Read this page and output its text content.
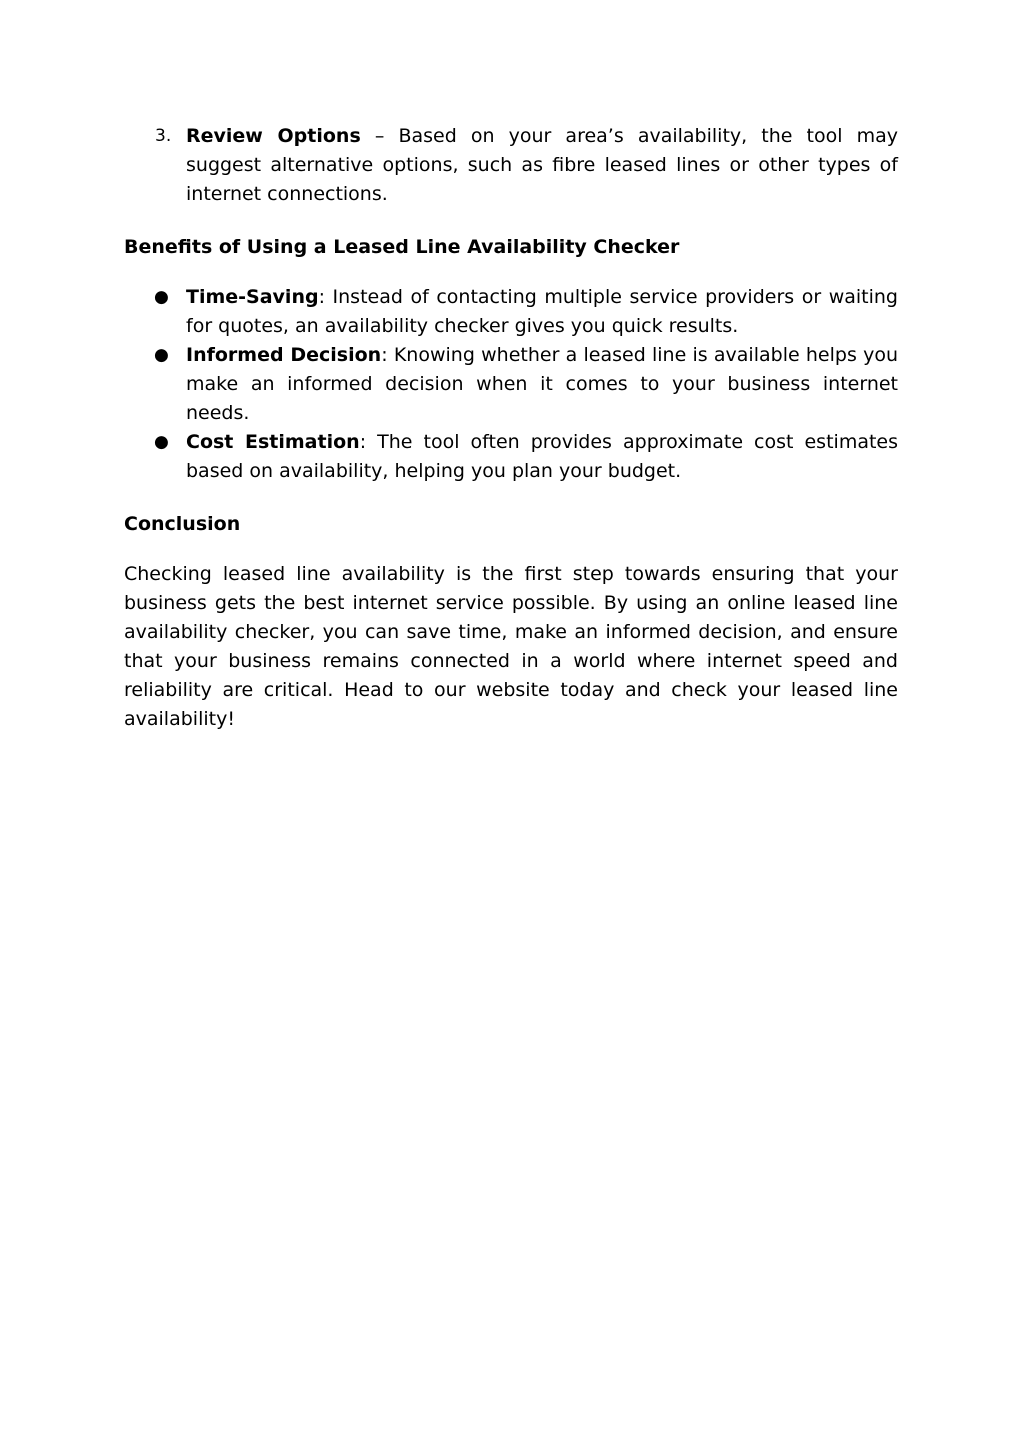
3. Review Options – Based on your area’s availability, the tool may suggest alternative options, such as fibre leased lines or other types of internet connections.
Benefits of Using a Leased Line Availability Checker
● Time-Saving: Instead of contacting multiple service providers or waiting for quotes, an availability checker gives you quick results.
● Informed Decision: Knowing whether a leased line is available helps you make an informed decision when it comes to your business internet needs.
● Cost Estimation: The tool often provides approximate cost estimates based on availability, helping you plan your budget.
Conclusion
Checking leased line availability is the first step towards ensuring that your business gets the best internet service possible. By using an online leased line availability checker, you can save time, make an informed decision, and ensure that your business remains connected in a world where internet speed and reliability are critical. Head to our website today and check your leased line availability!
